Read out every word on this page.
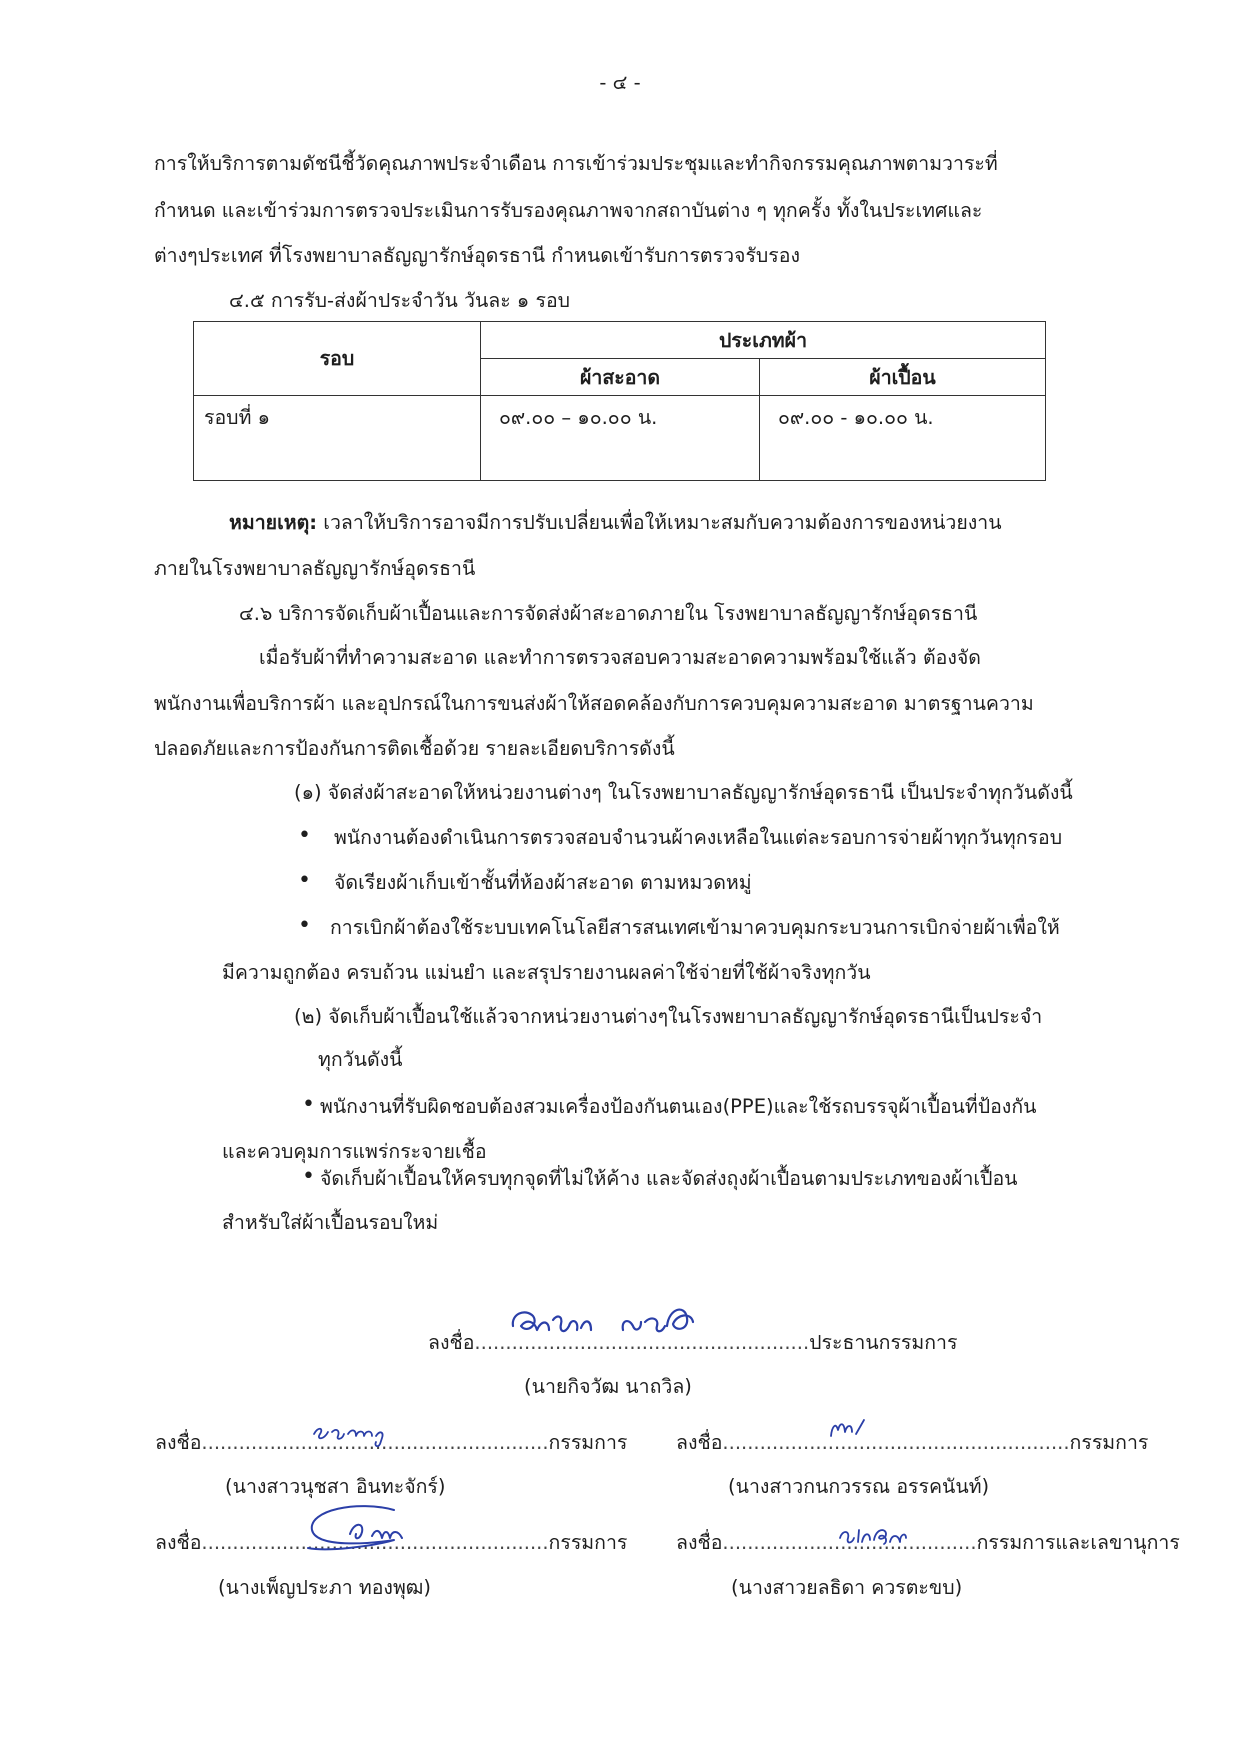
- ๔ -

การให้บริการตามดัชนีชี้วัดคุณภาพประจำเดือน การเข้าร่วมประชุมและทำกิจกรรมคุณภาพตามวาระที่

กำหนด และเข้าร่วมการตรวจประเมินการรับรองคุณภาพจากสถาบันต่าง ๆ ทุกครั้ง ทั้งในประเทศและ

ต่างๆประเทศ ที่โรงพยาบาลธัญญารักษ์อุดรธานี กำหนดเข้ารับการตรวจรับรอง

๔.๕ การรับ-ส่งผ้าประจำวัน วันละ ๑ รอบ

รอบ	ประเภทผ้า	
	ผ้าสะอาด	ผ้าเปื้อน
รอบที่ ๑	๐๙.๐๐ – ๑๐.๐๐ น.	๐๙.๐๐ - ๑๐.๐๐ น.

หมายเหตุ: เวลาให้บริการอาจมีการปรับเปลี่ยนเพื่อให้เหมาะสมกับความต้องการของหน่วยงาน

ภายในโรงพยาบาลธัญญารักษ์อุดรธานี

๔.๖ บริการจัดเก็บผ้าเปื้อนและการจัดส่งผ้าสะอาดภายใน โรงพยาบาลธัญญารักษ์อุดรธานี

เมื่อรับผ้าที่ทำความสะอาด และทำการตรวจสอบความสะอาดความพร้อมใช้แล้ว ต้องจัด

พนักงานเพื่อบริการผ้า และอุปกรณ์ในการขนส่งผ้าให้สอดคล้องกับการควบคุมความสะอาด มาตรฐานความ

ปลอดภัยและการป้องกันการติดเชื้อด้วย รายละเอียดบริการดังนี้

(๑) จัดส่งผ้าสะอาดให้หน่วยงานต่างๆ ในโรงพยาบาลธัญญารักษ์อุดรธานี เป็นประจำทุกวันดังนี้

• พนักงานต้องดำเนินการตรวจสอบจำนวนผ้าคงเหลือในแต่ละรอบการจ่ายผ้าทุกวันทุกรอบ

• จัดเรียงผ้าเก็บเข้าชั้นที่ห้องผ้าสะอาด ตามหมวดหมู่

• การเบิกผ้าต้องใช้ระบบเทคโนโลยีสารสนเทศเข้ามาควบคุมกระบวนการเบิกจ่ายผ้าเพื่อให้

มีความถูกต้อง ครบถ้วน แม่นยำ และสรุปรายงานผลค่าใช้จ่ายที่ใช้ผ้าจริงทุกวัน

(๒) จัดเก็บผ้าเปื้อนใช้แล้วจากหน่วยงานต่างๆในโรงพยาบาลธัญญารักษ์อุดรธานีเป็นประจำ

ทุกวันดังนี้

• พนักงานที่รับผิดชอบต้องสวมเครื่องป้องกันตนเอง(PPE)และใช้รถบรรจุผ้าเปื้อนที่ป้องกัน

และควบคุมการแพร่กระจายเชื้อ

• จัดเก็บผ้าเปื้อนให้ครบทุกจุดที่ไม่ให้ค้าง และจัดส่งถุงผ้าเปื้อนตามประเภทของผ้าเปื้อน

สำหรับใส่ผ้าเปื้อนรอบใหม่

ลงชื่อ......................................................ประธานกรรมการ

(นายกิจวัฒ นาถวิล)

ลงชื่อ........................................................กรรมการ

(นางสาวนุชสา อินทะจักร์)

ลงชื่อ........................................................กรรมการ

(นางสาวกนกวรรณ อรรคนันท์)

ลงชื่อ........................................................กรรมการ

(นางเพ็ญประภา ทองพุฒ)

ลงชื่อ.........................................กรรมการและเลขานุการ

(นางสาวยลธิดา ควรตะขบ)
